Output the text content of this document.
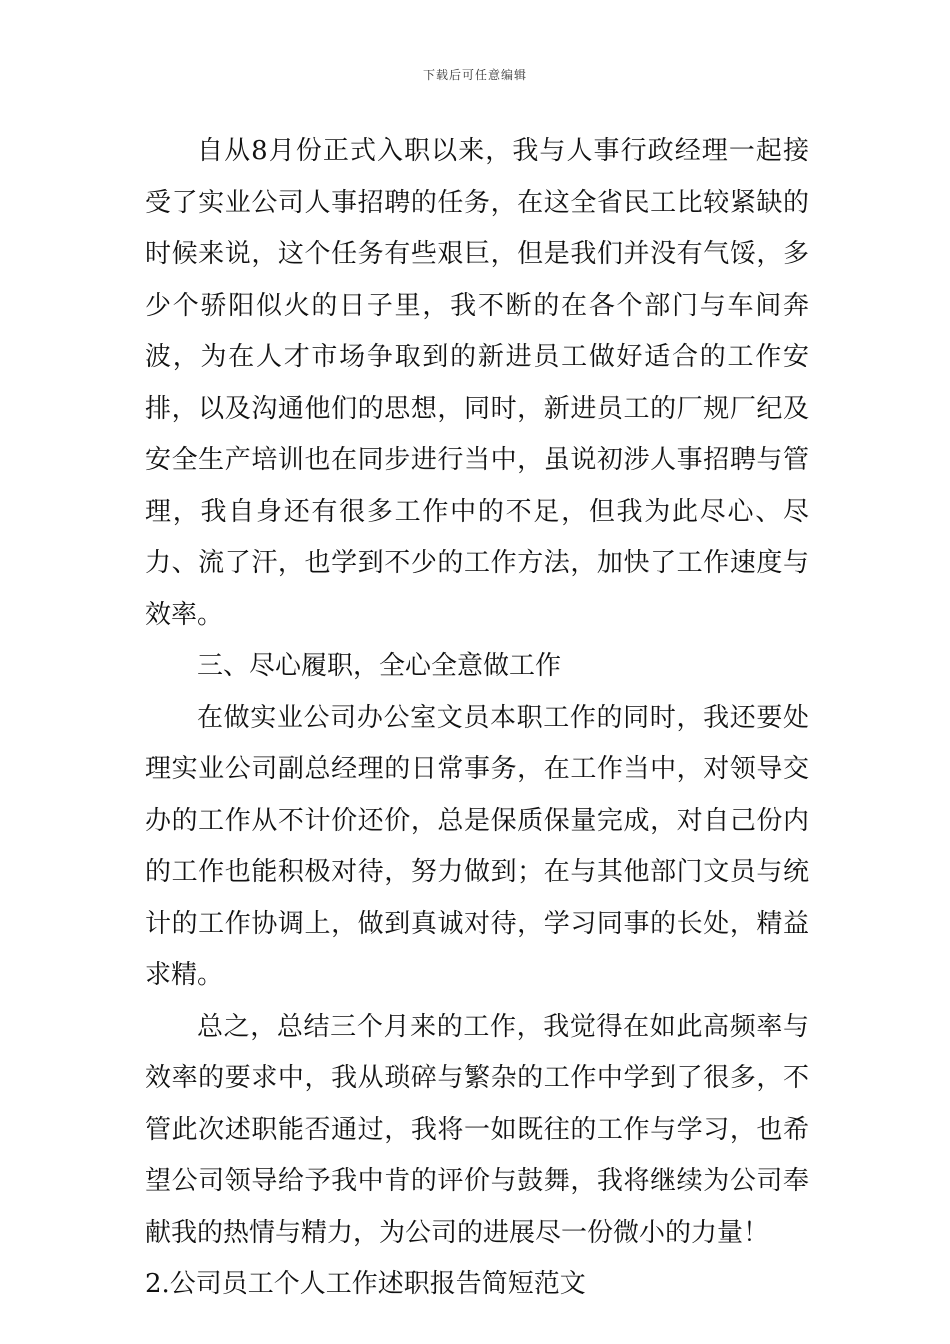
下载后可任意编辑

自从8月份正式入职以来，我与人事行政经理一起接受了实业公司人事招聘的任务，在这全省民工比较紧缺的时候来说，这个任务有些艰巨，但是我们并没有气馁，多少个骄阳似火的日子里，我不断的在各个部门与车间奔波，为在人才市场争取到的新进员工做好适合的工作安排，以及沟通他们的思想，同时，新进员工的厂规厂纪及安全生产培训也在同步进行当中，虽说初涉人事招聘与管理，我自身还有很多工作中的不足，但我为此尽心、尽力、流了汗，也学到不少的工作方法，加快了工作速度与效率。

三、尽心履职，全心全意做工作

在做实业公司办公室文员本职工作的同时，我还要处理实业公司副总经理的日常事务，在工作当中，对领导交办的工作从不计价还价，总是保质保量完成，对自己份内的工作也能积极对待，努力做到；在与其他部门文员与统计的工作协调上，做到真诚对待，学习同事的长处，精益求精。

总之，总结三个月来的工作，我觉得在如此高频率与效率的要求中，我从琐碎与繁杂的工作中学到了很多，不管此次述职能否通过，我将一如既往的工作与学习，也希望公司领导给予我中肯的评价与鼓舞，我将继续为公司奉献我的热情与精力，为公司的进展尽一份微小的力量！

2.公司员工个人工作述职报告简短范文
